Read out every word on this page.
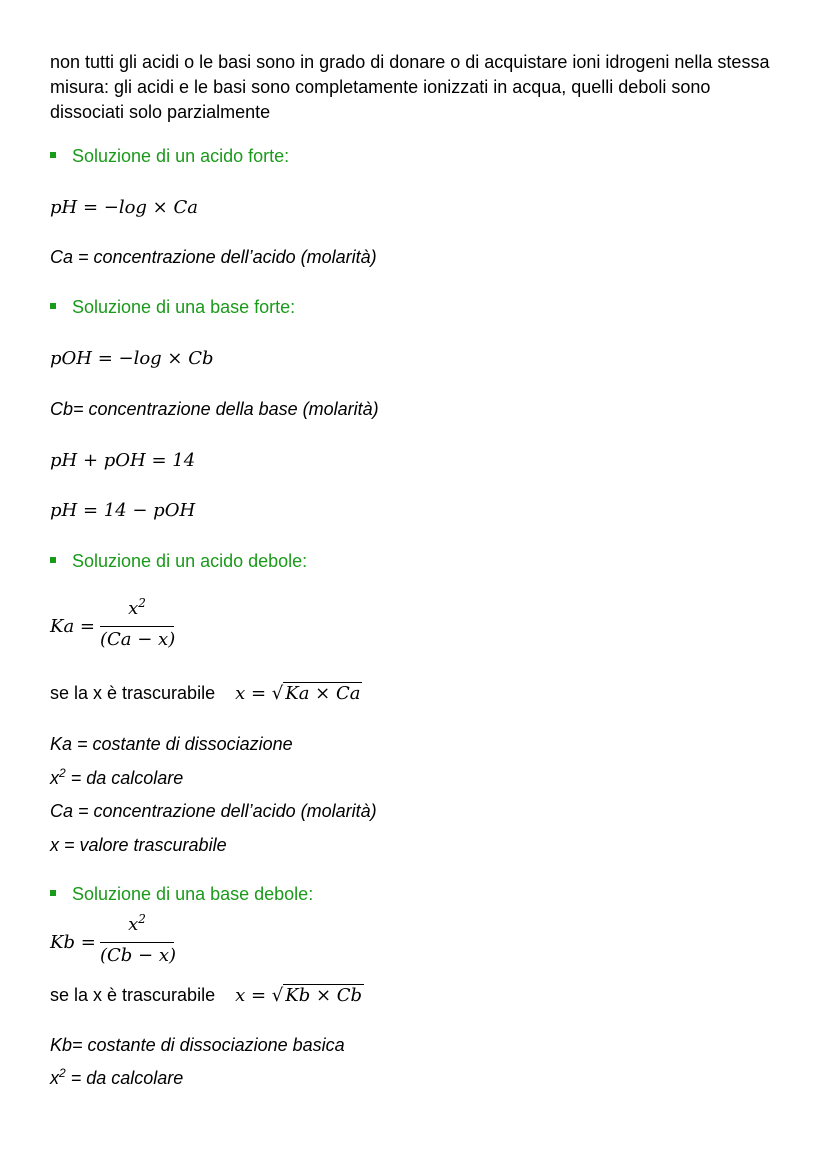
non tutti gli acidi o le basi sono in grado di donare o di acquistare ioni idrogeni nella stessa misura: gli acidi e le basi sono completamente ionizzati in acqua, quelli deboli sono dissociati solo parzialmente
Soluzione di un acido forte:
pH = −log × Ca
Ca = concentrazione dell’acido (molarità)
Soluzione di una base forte:
pOH = −log × Cb
Cb= concentrazione della base (molarità)
pH + pOH = 14
pH = 14 − pOH
Soluzione di un acido debole:
Ka =
$x^2$
(Ca − x)
se la x è trascurabile x = √ Ka × Ca
Ka = costante di dissociazione
$x^2$ = da calcolare
Ca = concentrazione dell’acido (molarità)
x = valore trascurabile
Soluzione di una base debole:
Kb =
$x^2$
(Cb − x)
se la x è trascurabile x = √ Kb × Cb
Kb= costante di dissociazione basica
$x^2$ = da calcolare
